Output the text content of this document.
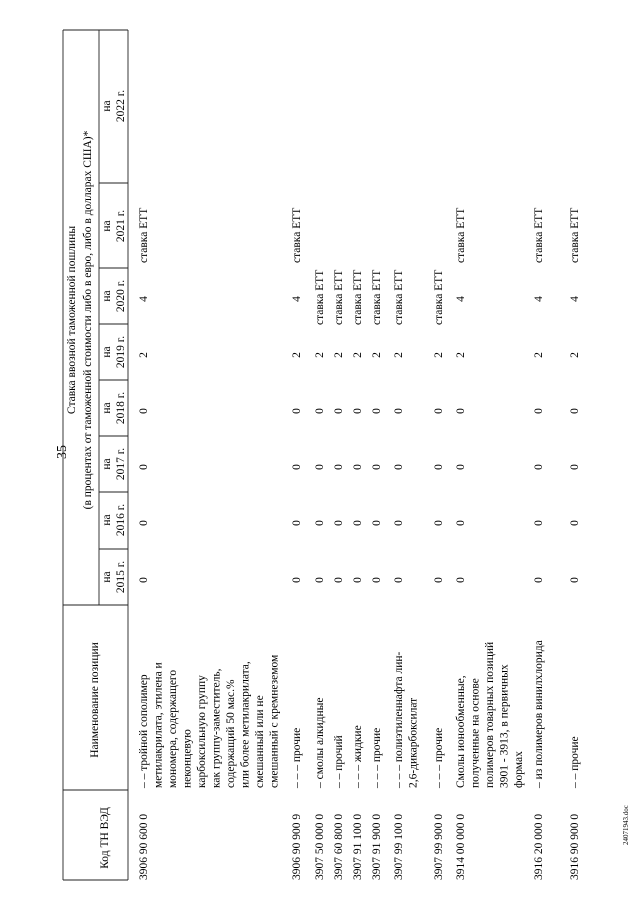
35
Код ТН ВЭД
Наименование позиции
Ставка ввозной таможенной пошлины (в процентах от таможенной стоимости либо в евро, либо в долларах США)*
на 2015 г.
на 2016 г.
на 2017 г.
на 2018 г.
на 2019 г.
на 2020 г.
на 2021 г.
на 2022 г.
3906 90 600 0
– – тройной сополимер метилакрилата, этилена и мономера, содержащего неконцевую карбоксильную группу как группу-заместитель, содержащий 50 мас.% или более метилакрилата, смешанный или не смешанный с кремнеземом
0
0
0
0
2
4
ставка ЕТТ
3906 90 900 9
– – – прочие
0
0
0
0
2
4
ставка ЕТТ
3907 50 000 0
– смолы алкидные
0
0
0
0
2
ставка ЕТТ
3907 60 800 0
– – прочий
0
0
0
0
2
ставка ЕТТ
3907 91 100 0
– – – жидкие
0
0
0
0
2
ставка ЕТТ
3907 91 900 0
– – – прочие
0
0
0
0
2
ставка ЕТТ
3907 99 100 0
– – – полиэтиленнафта лин- 2,6-дикарбоксилат
0
0
0
0
2
ставка ЕТТ
3907 99 900 0
– – – прочие
0
0
0
0
2
ставка ЕТТ
3914 00 000 0
Смолы ионообменные, полученные на основе полимеров товарных позиций 3901 - 3913, в первичных формах
0
0
0
0
2
4
ставка ЕТТ
3916 20 000 0
– из полимеров винилхлорида
0
0
0
0
2
4
ставка ЕТТ
3916 90 900 0
– – прочие
0
0
0
0
2
4
ставка ЕТТ
24071943.doc
